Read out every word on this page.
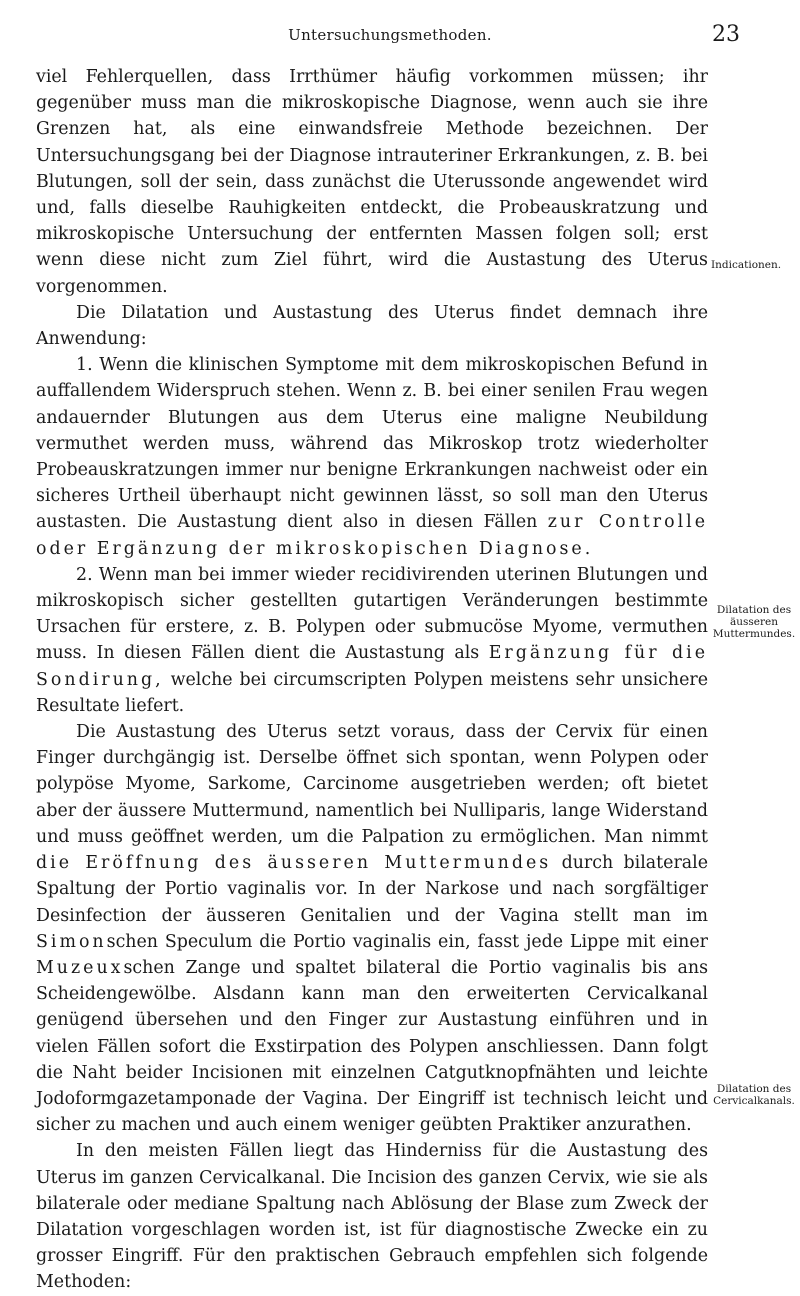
Untersuchungsmethoden.	23

viel Fehlerquellen, dass Irrthümer häufig vorkommen müssen; ihr gegenüber muss man die mikroskopische Diagnose, wenn auch sie ihre Grenzen hat, als eine einwandsfreie Methode bezeichnen. Der Untersuchungsgang bei der Diagnose intrauteriner Erkrankungen, z. B. bei Blutungen, soll der sein, dass zunächst die Uterussonde angewendet wird und, falls dieselbe Rauhigkeiten entdeckt, die Probeauskratzung und mikroskopische Untersuchung der entfernten Massen folgen soll; erst wenn diese nicht zum Ziel führt, wird die Austastung des Uterus vorgenommen.

Die Dilatation und Austastung des Uterus findet demnach ihre Anwendung:

1. Wenn die klinischen Symptome mit dem mikroskopischen Befund in auffallendem Widerspruch stehen. Wenn z. B. bei einer senilen Frau wegen andauernder Blutungen aus dem Uterus eine maligne Neubildung vermuthet werden muss, während das Mikroskop trotz wiederholter Probeauskratzungen immer nur benigne Erkrankungen nachweist oder ein sicheres Urtheil überhaupt nicht gewinnen lässt, so soll man den Uterus austasten. Die Austastung dient also in diesen Fällen zur Controlle oder Ergänzung der mikroskopischen Diagnose.

2. Wenn man bei immer wieder recidivirenden uterinen Blutungen und mikroskopisch sicher gestellten gutartigen Veränderungen bestimmte Ursachen für erstere, z. B. Polypen oder submucöse Myome, vermuthen muss. In diesen Fällen dient die Austastung als Ergänzung für die Sondirung, welche bei circumscripten Polypen meistens sehr unsichere Resultate liefert.

Die Austastung des Uterus setzt voraus, dass der Cervix für einen Finger durchgängig ist. Derselbe öffnet sich spontan, wenn Polypen oder polypöse Myome, Sarkome, Carcinome ausgetrieben werden; oft bietet aber der äussere Muttermund, namentlich bei Nulliparis, lange Widerstand und muss geöffnet werden, um die Palpation zu ermöglichen. Man nimmt die Eröffnung des äusseren Muttermundes durch bilaterale Spaltung der Portio vaginalis vor. In der Narkose und nach sorgfältiger Desinfection der äusseren Genitalien und der Vagina stellt man im Simonschen Speculum die Portio vaginalis ein, fasst jede Lippe mit einer Muzeuxschen Zange und spaltet bilateral die Portio vaginalis bis ans Scheidengewölbe. Alsdann kann man den erweiterten Cervicalkanal genügend übersehen und den Finger zur Austastung einführen und in vielen Fällen sofort die Exstirpation des Polypen anschliessen. Dann folgt die Naht beider Incisionen mit einzelnen Catgutknopfnähten und leichte Jodoformgazetamponade der Vagina. Der Eingriff ist technisch leicht und sicher zu machen und auch einem weniger geübten Praktiker anzurathen.

In den meisten Fällen liegt das Hinderniss für die Austastung des Uterus im ganzen Cervicalkanal. Die Incision des ganzen Cervix, wie sie als bilaterale oder mediane Spaltung nach Ablösung der Blase zum Zweck der Dilatation vorgeschlagen worden ist, ist für diagnostische Zwecke ein zu grosser Eingriff. Für den praktischen Gebrauch empfehlen sich folgende Methoden:

Indicationen.
Dilatation des
äusseren
Muttermundes.
Dilatation des
Cervicalkanals.
